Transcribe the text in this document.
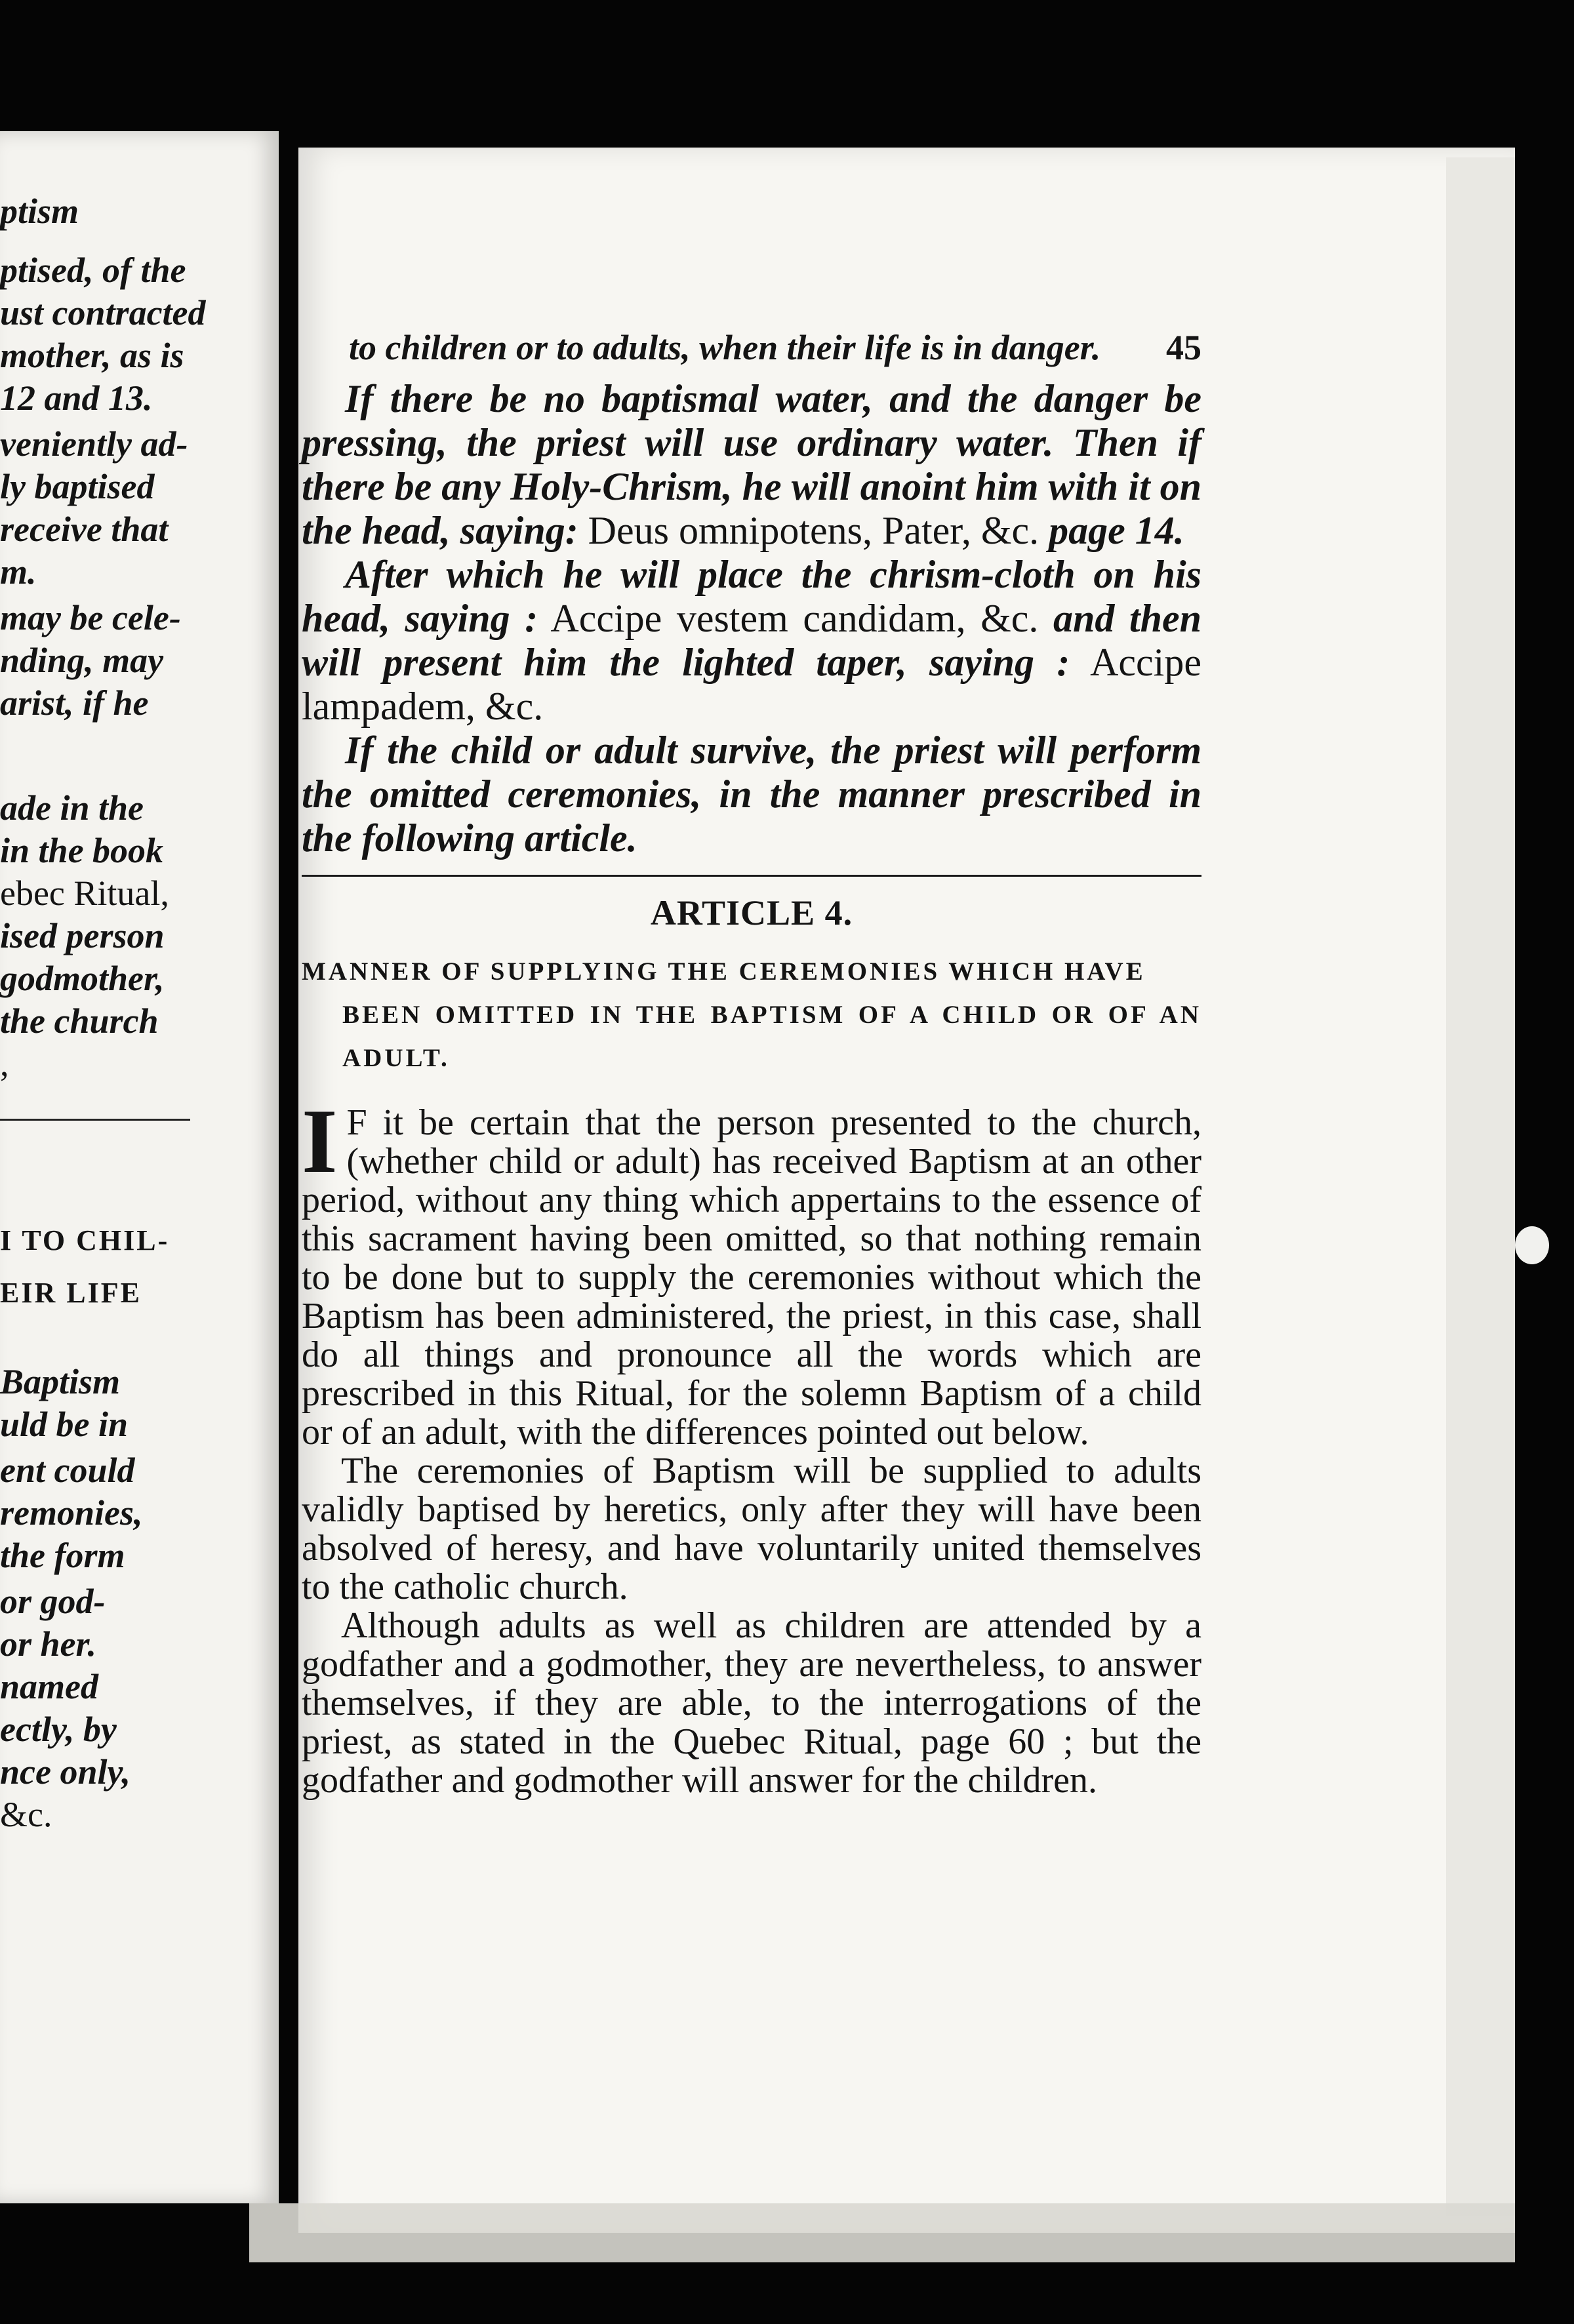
ptism
ptised, of the
ust contracted
mother, as is
12 and 13.
veniently ad-
ly baptised
receive that
m.
may be cele-
nding, may
arist, if he
ade in the
in the book
ebec Ritual,
ised person
godmother,
the church
,
I TO CHIL-
EIR LIFE
Baptism
uld be in
ent could
remonies,
the form
or god-
or her.
named
ectly, by
nce only,
&c.
to children or to adults, when their life is in danger. 45

If there be no baptismal water, and the danger be pressing, the priest will use ordinary water. Then if there be any Holy-Chrism, he will anoint him with it on the head, saying: Deus omnipotens, Pater, &c. page 14.

After which he will place the chrism-cloth on his head, saying : Accipe vestem candidam, &c. and then will present him the lighted taper, saying : Accipe lampadem, &c.

If the child or adult survive, the priest will perform the omitted ceremonies, in the manner prescribed in the following article.

ARTICLE 4.
MANNER OF SUPPLYING THE CEREMONIES WHICH HAVE
BEEN OMITTED IN THE BAPTISM OF A CHILD OR OF AN ADULT.

I F it be certain that the person presented to the church, (whether child or adult) has received Baptism at an other period, without any thing which appertains to the essence of this sacrament having been omitted, so that nothing remain to be done but to supply the ceremonies without which the Baptism has been administered, the priest, in this case, shall do all things and pronounce all the words which are prescribed in this Ritual, for the solemn Baptism of a child or of an adult, with the differences pointed out below.

The ceremonies of Baptism will be supplied to adults validly baptised by heretics, only after they will have been absolved of heresy, and have voluntarily united themselves to the catholic church.

Although adults as well as children are attended by a godfather and a godmother, they are nevertheless, to answer themselves, if they are able, to the interrogations of the priest, as stated in the Quebec Ritual, page 60 ; but the godfather and godmother will answer for the children.
